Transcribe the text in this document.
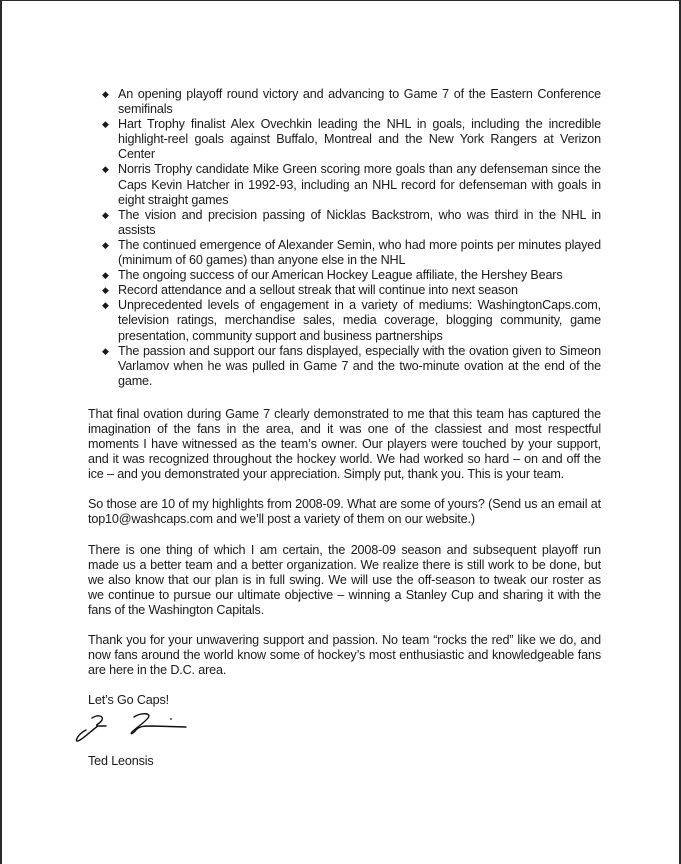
◆ An opening playoff round victory and advancing to Game 7 of the Eastern Conference semifinals
◆ Hart Trophy finalist Alex Ovechkin leading the NHL in goals, including the incredible highlight-reel goals against Buffalo, Montreal and the New York Rangers at Verizon Center
◆ Norris Trophy candidate Mike Green scoring more goals than any defenseman since the Caps Kevin Hatcher in 1992-93, including an NHL record for defenseman with goals in eight straight games
◆ The vision and precision passing of Nicklas Backstrom, who was third in the NHL in assists
◆ The continued emergence of Alexander Semin, who had more points per minutes played (minimum of 60 games) than anyone else in the NHL
◆ The ongoing success of our American Hockey League affiliate, the Hershey Bears
◆ Record attendance and a sellout streak that will continue into next season
◆ Unprecedented levels of engagement in a variety of mediums: WashingtonCaps.com, television ratings, merchandise sales, media coverage, blogging community, game presentation, community support and business partnerships
◆ The passion and support our fans displayed, especially with the ovation given to Simeon Varlamov when he was pulled in Game 7 and the two-minute ovation at the end of the game.

That final ovation during Game 7 clearly demonstrated to me that this team has captured the imagination of the fans in the area, and it was one of the classiest and most respectful moments I have witnessed as the team’s owner. Our players were touched by your support, and it was recognized throughout the hockey world. We had worked so hard – on and off the ice – and you demonstrated your appreciation. Simply put, thank you. This is your team.

So those are 10 of my highlights from 2008-09. What are some of yours? (Send us an email at top10@washcaps.com and we’ll post a variety of them on our website.)

There is one thing of which I am certain, the 2008-09 season and subsequent playoff run made us a better team and a better organization. We realize there is still work to be done, but we also know that our plan is in full swing. We will use the off-season to tweak our roster as we continue to pursue our ultimate objective – winning a Stanley Cup and sharing it with the fans of the Washington Capitals.

Thank you for your unwavering support and passion. No team “rocks the red” like we do, and now fans around the world know some of hockey’s most enthusiastic and knowledgeable fans are here in the D.C. area.

Let’s Go Caps!

Ted Leonsis
